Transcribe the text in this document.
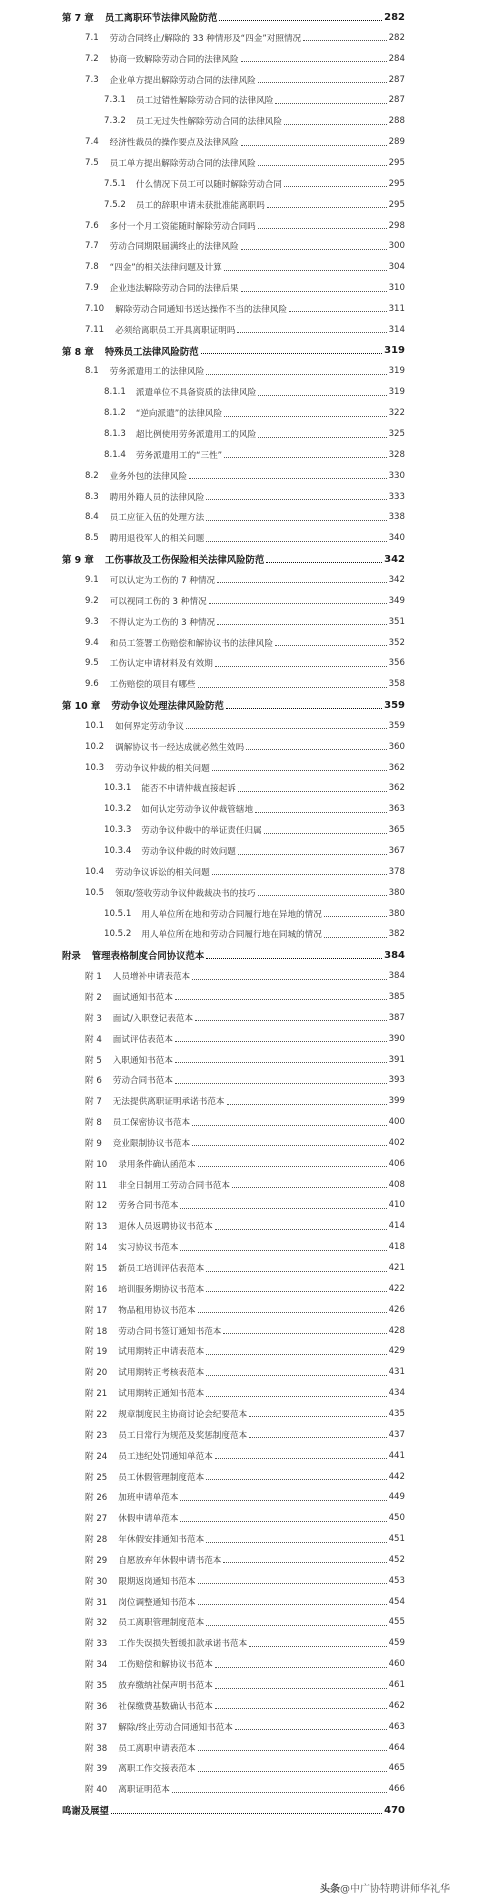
第 7 章 员工离职环节法律风险防范	282
7.1 劳动合同终止/解除的 33 种情形及“四金”对照情况	282
7.2 协商一致解除劳动合同的法律风险	284
7.3 企业单方提出解除劳动合同的法律风险	287
7.3.1 员工过错性解除劳动合同的法律风险	287
7.3.2 员工无过失性解除劳动合同的法律风险	288
7.4 经济性裁员的操作要点及法律风险	289
7.5 员工单方提出解除劳动合同的法律风险	295
7.5.1 什么情况下员工可以随时解除劳动合同	295
7.5.2 员工的辞职申请未获批准能离职吗	295
7.6 多付一个月工资能随时解除劳动合同吗	298
7.7 劳动合同期限届满终止的法律风险	300
7.8 “四金”的相关法律问题及计算	304
7.9 企业违法解除劳动合同的法律后果	310
7.10 解除劳动合同通知书送达操作不当的法律风险	311
7.11 必须给离职员工开具离职证明吗	314
第 8 章 特殊员工法律风险防范	319
8.1 劳务派遣用工的法律风险	319
8.1.1 派遣单位不具备资质的法律风险	319
8.1.2 “逆向派遣”的法律风险	322
8.1.3 超比例使用劳务派遣用工的风险	325
8.1.4 劳务派遣用工的“三性”	328
8.2 业务外包的法律风险	330
8.3 聘用外籍人员的法律风险	333
8.4 员工应征入伍的处理方法	338
8.5 聘用退役军人的相关问题	340
第 9 章 工伤事故及工伤保险相关法律风险防范	342
9.1 可以认定为工伤的 7 种情况	342
9.2 可以视同工伤的 3 种情况	349
9.3 不得认定为工伤的 3 种情况	351
9.4 和员工签署工伤赔偿和解协议书的法律风险	352
9.5 工伤认定申请材料及有效期	356
9.6 工伤赔偿的项目有哪些	358
第 10 章 劳动争议处理法律风险防范	359
10.1 如何界定劳动争议	359
10.2 调解协议书一经达成就必然生效吗	360
10.3 劳动争议仲裁的相关问题	362
10.3.1 能否不申请仲裁直接起诉	362
10.3.2 如何认定劳动争议仲裁管辖地	363
10.3.3 劳动争议仲裁中的举证责任归属	365
10.3.4 劳动争议仲裁的时效问题	367
10.4 劳动争议诉讼的相关问题	378
10.5 领取/签收劳动争议仲裁裁决书的技巧	380
10.5.1 用人单位所在地和劳动合同履行地在异地的情况	380
10.5.2 用人单位所在地和劳动合同履行地在同城的情况	382
附录 管理表格制度合同协议范本	384
附 1 人员增补申请表范本	384
附 2 面试通知书范本	385
附 3 面试/入职登记表范本	387
附 4 面试评估表范本	390
附 5 入职通知书范本	391
附 6 劳动合同书范本	393
附 7 无法提供离职证明承诺书范本	399
附 8 员工保密协议书范本	400
附 9 竞业限制协议书范本	402
附 10 录用条件确认函范本	406
附 11 非全日制用工劳动合同书范本	408
附 12 劳务合同书范本	410
附 13 退休人员返聘协议书范本	414
附 14 实习协议书范本	418
附 15 新员工培训评估表范本	421
附 16 培训服务期协议书范本	422
附 17 物品租用协议书范本	426
附 18 劳动合同书签订通知书范本	428
附 19 试用期转正申请表范本	429
附 20 试用期转正考核表范本	431
附 21 试用期转正通知书范本	434
附 22 规章制度民主协商讨论会纪要范本	435
附 23 员工日常行为规范及奖惩制度范本	437
附 24 员工违纪处罚通知单范本	441
附 25 员工休假管理制度范本	442
附 26 加班申请单范本	449
附 27 休假申请单范本	450
附 28 年休假安排通知书范本	451
附 29 自愿放弃年休假申请书范本	452
附 30 限期返岗通知书范本	453
附 31 岗位调整通知书范本	454
附 32 员工离职管理制度范本	455
附 33 工作失误损失暂缓扣款承诺书范本	459
附 34 工伤赔偿和解协议书范本	460
附 35 放弃缴纳社保声明书范本	461
附 36 社保缴费基数确认书范本	462
附 37 解除/终止劳动合同通知书范本	463
附 38 员工离职申请表范本	464
附 39 离职工作交接表范本	465
附 40 离职证明范本	466
鸣谢及展望	470
头条@中广协特聘讲师华礼华
